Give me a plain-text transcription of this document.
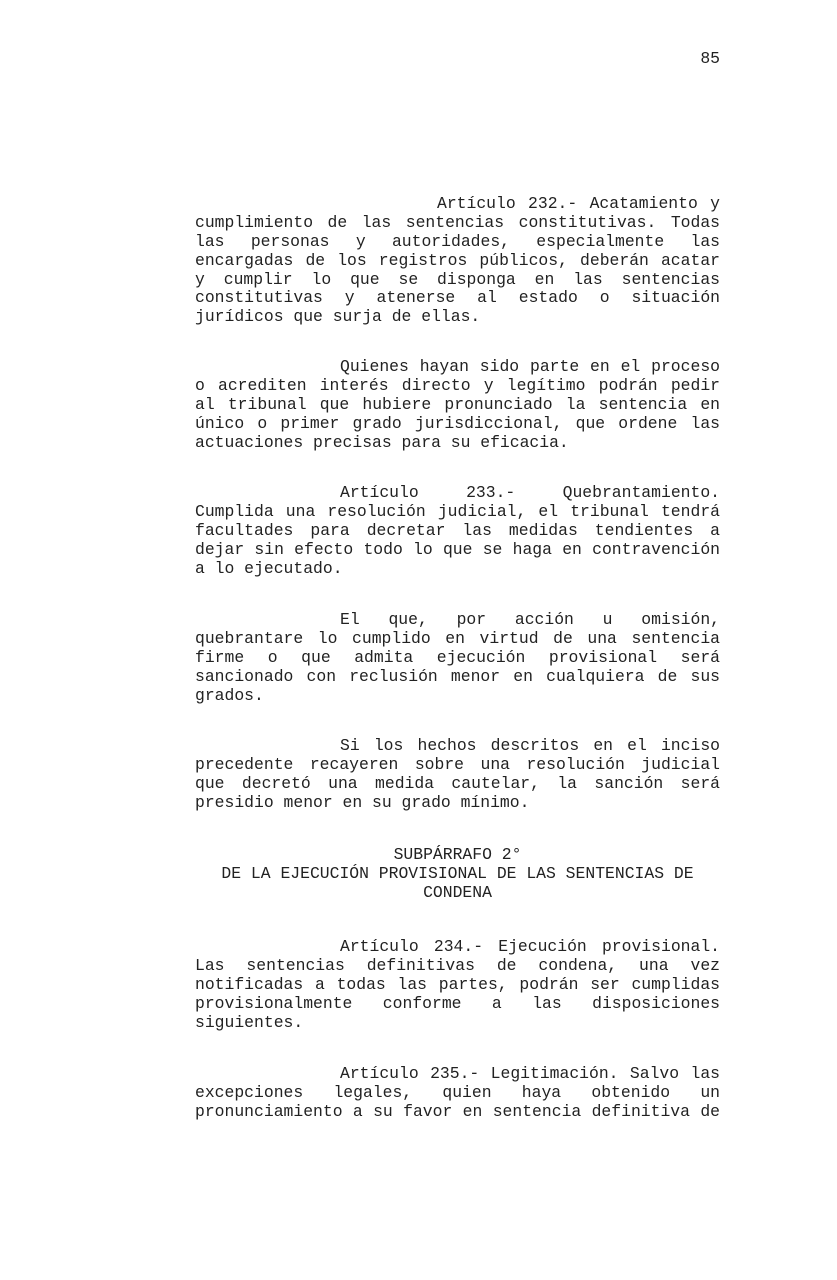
85
Artículo 232.- Acatamiento y
cumplimiento de las sentencias constitutivas. Todas
las personas y autoridades, especialmente las
encargadas de los registros públicos, deberán acatar
y cumplir lo que se disponga en las sentencias
constitutivas y atenerse al estado o situación
jurídicos que surja de ellas.
Quienes hayan sido parte en el proceso
o acrediten interés directo y legítimo podrán pedir
al tribunal que hubiere pronunciado la sentencia en
único o primer grado jurisdiccional, que ordene las
actuaciones precisas para su eficacia.
Artículo 233.- Quebrantamiento.
Cumplida una resolución judicial, el tribunal tendrá
facultades para decretar las medidas tendientes a
dejar sin efecto todo lo que se haga en contravención
a lo ejecutado.
El que, por acción u omisión,
quebrantare lo cumplido en virtud de una sentencia
firme o que admita ejecución provisional será
sancionado con reclusión menor en cualquiera de sus
grados.
Si los hechos descritos en el inciso
precedente recayeren sobre una resolución judicial
que decretó una medida cautelar, la sanción será
presidio menor en su grado mínimo.
SUBPÁRRAFO 2°
DE LA EJECUCIÓN PROVISIONAL DE LAS SENTENCIAS DE
CONDENA
Artículo 234.- Ejecución provisional.
Las sentencias definitivas de condena, una vez
notificadas a todas las partes, podrán ser cumplidas
provisionalmente conforme a las disposiciones
siguientes.
Artículo 235.- Legitimación. Salvo las
excepciones legales, quien haya obtenido un
pronunciamiento a su favor en sentencia definitiva de
